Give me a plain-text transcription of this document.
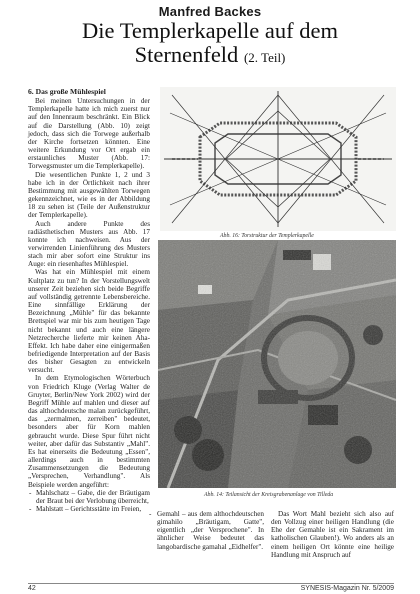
Manfred Backes
Die Templerkapelle auf dem
Sternenfeld (2. Teil)
6. Das große Mühlespiel

Bei meinen Untersuchungen in der Templerkapelle hatte ich mich zuerst nur auf den Innenraum beschränkt. Ein Blick auf die Darstellung (Abb. 10) zeigt jedoch, dass sich die Torwege außerhalb der Kirche fortsetzen könnten. Eine weitere Erkundung vor Ort ergab ein erstaunliches Muster (Abb. 17: Torwegsmuster um die Templerkapelle).

Die wesentlichen Punkte 1, 2 und 3 habe ich in der Örtlichkeit nach ihrer Bestimmung mit ausgewählten Torwegen gekennzeichnet, wie es in der Abbildung 18 zu sehen ist (Teile der Außenstruktur der Templerkapelle).

Auch andere Punkte des radiästhetischen Musters aus Abb. 17 konnte ich nachweisen. Aus der verwirrenden Linienführung des Musters stach mir aber sofort eine Struktur ins Auge: ein riesenhaftes Mühlespiel.

Was hat ein Mühlespiel mit einem Kultplatz zu tun? In der Vorstellungswelt unserer Zeit beziehen sich beide Begriffe auf vollständig getrennte Lebensbereiche. Eine sinnfällige Erklärung der Bezeichnung „Mühle" für das bekannte Brettspiel war mir bis zum heutigen Tage nicht bekannt und auch eine längere Netzrecherche lieferte mir keinen Aha-Effekt. Ich habe daher eine einigermaßen befriedigende Interpretation auf der Basis des bisher Gesagten zu entwickeln versucht.

In dem Etymologischen Wörterbuch von Friedrich Kluge (Verlag Walter de Gruyter, Berlin/New York 2002) wird der Begriff Mühle auf mahlen und dieser auf das althochdeutsche malan zurückgeführt, das „zermalmen, zerreiben" bedeutet, besonders aber für Korn mahlen gebraucht wurde. Diese Spur führt nicht weiter, aber dafür das Substantiv „Mahl". Es hat einerseits die Bedeutung „Essen", allerdings auch in bestimmten Zusammensetzungen die Bedeutung „Versprechen, Verhandlung". Als Beispiele werden angeführt:

- Mahlschatz – Gabe, die der Bräutigam der Braut bei der Verlobung überreicht,
- Mahlstatt – Gerichtsstätte im Freien,
Abb. 16: Torstruktur der Templerkapelle
Abb. 14: Teilansicht der Kreisgrabenanlage von Tilleda

- Gemahl – aus dem althochdeutschen gimahilo „Bräutigam, Gatte", eigentlich „der Versprochene". In ähnlicher Weise bedeutet das langobardische gamahal „Eidhelfer".

Das Wort Mahl bezieht sich also auf den Vollzug einer heiligen Handlung (die Ehe der Gemahle ist ein Sakrament im katholischen Glauben!). Wo anders als an einem heiligen Ort könnte eine heilige Handlung mit Anspruch auf

42	SYNESIS-Magazin Nr. 5/2009
